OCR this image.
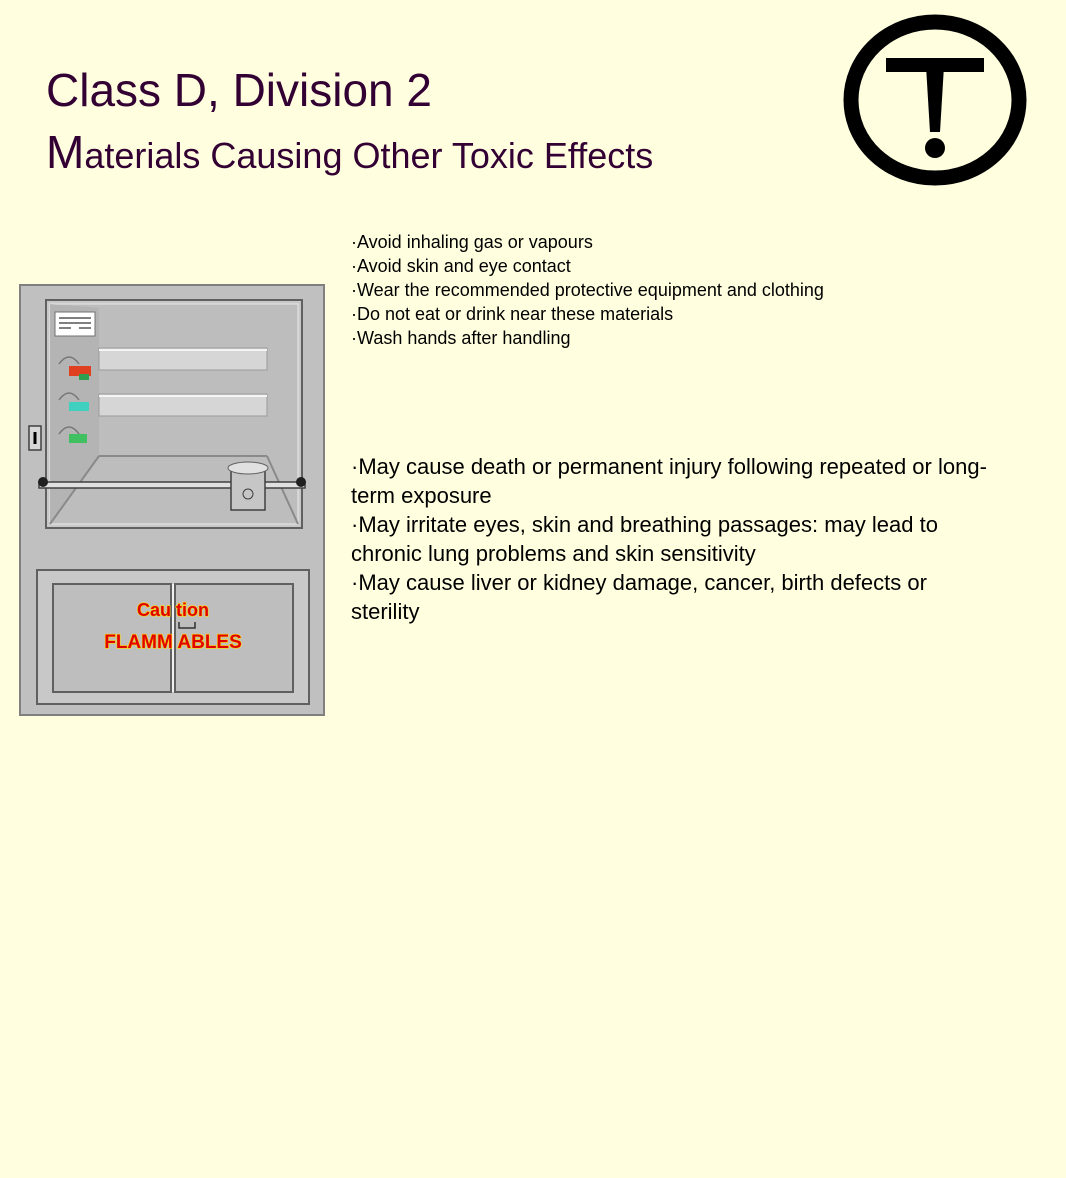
Class D, Division 2
Materials Causing Other Toxic Effects
·Avoid inhaling gas or vapours
·Avoid skin and eye contact
·Wear the recommended protective equipment and clothing
·Do not eat or drink near these materials
·Wash hands after handling
·May cause death or permanent injury following repeated or long-term exposure
·May irritate eyes, skin and breathing passages: may lead to chronic lung problems and skin sensitivity
·May cause liver or kidney damage, cancer, birth defects or sterility
Cau tion
FLAMM ABLES
